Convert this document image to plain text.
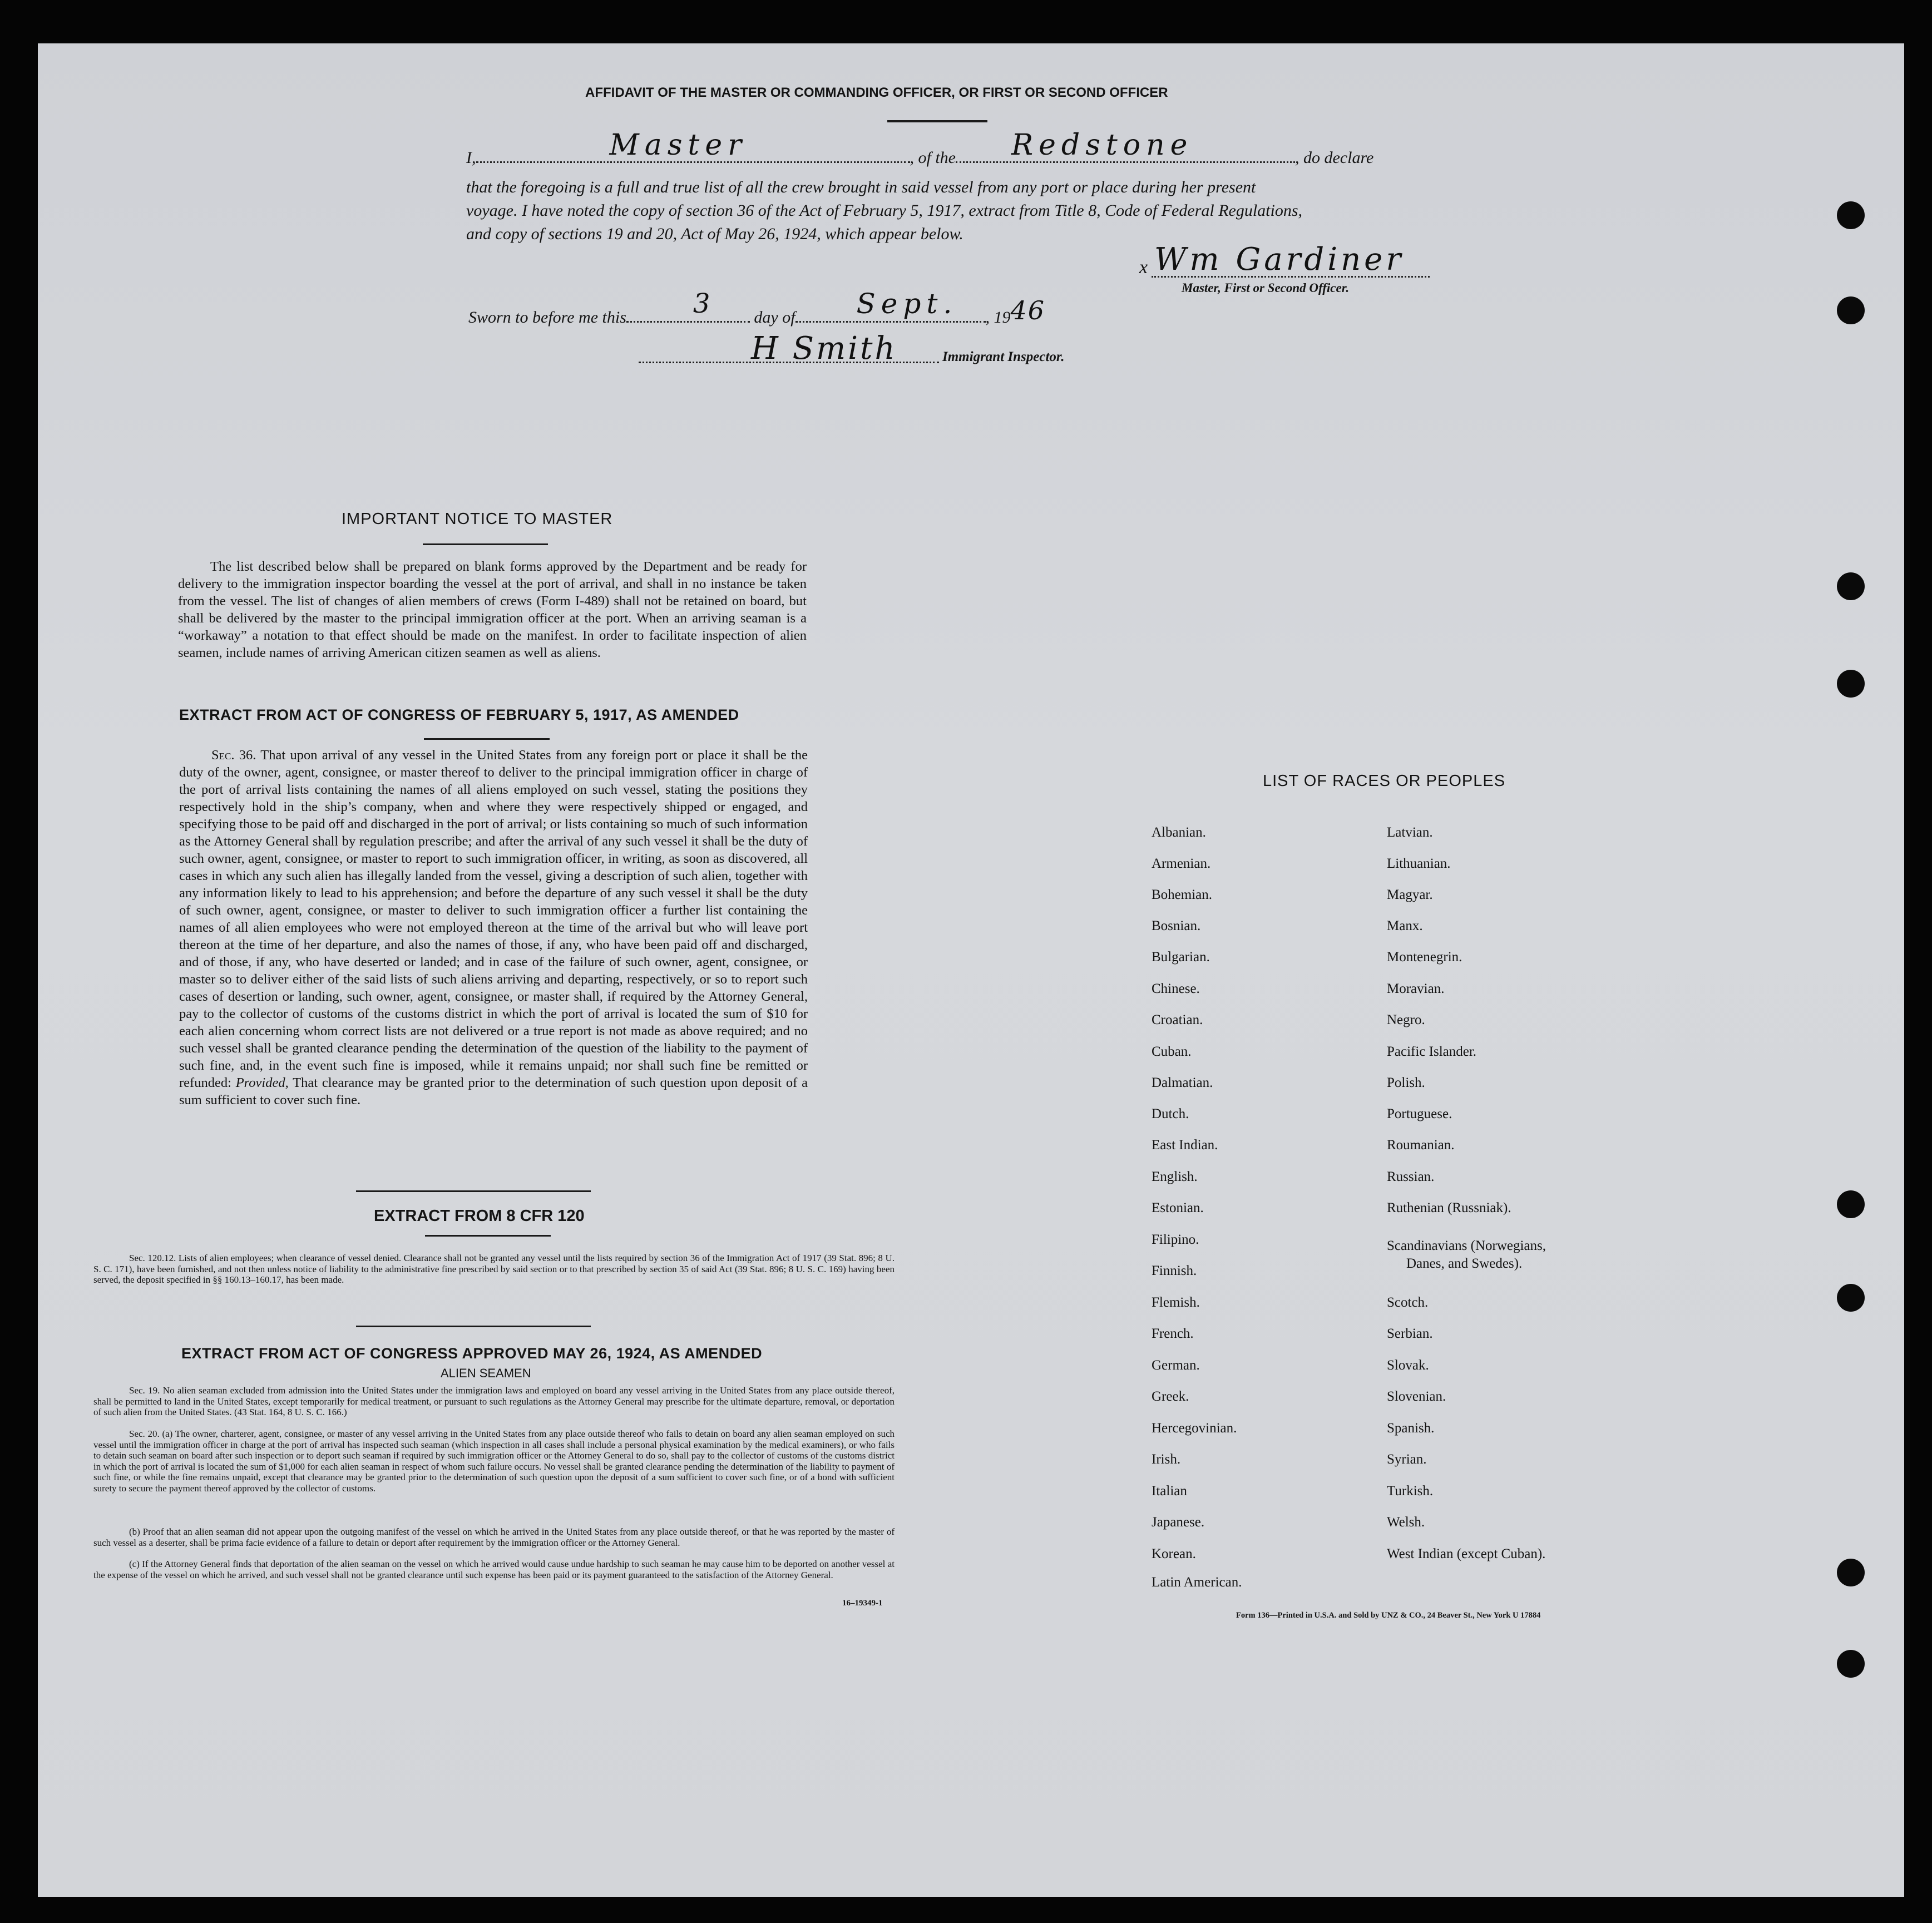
AFFIDAVIT OF THE MASTER OR COMMANDING OFFICER, OR FIRST OR SECOND OFFICER
I,	Master	, of the Redstone	, do declare
that the foregoing is a full and true list of all the crew brought in said vessel from any port or place during her present
voyage. I have noted the copy of section 36 of the Act of February 5, 1917, extract from Title 8, Code of Federal Regulations,
and copy of sections 19 and 20, Act of May 26, 1924, which appear below.
x Wm Gardiner
Master, First or Second Officer.
Sworn to before me this	3 day of Sept. , 1946
H Smith	Immigrant Inspector.
IMPORTANT NOTICE TO MASTER

The list described below shall be prepared on blank forms approved by the Department and be ready for delivery to the immigration inspector boarding the vessel at the port of arrival, and shall in no instance be taken from the vessel. The list of changes of alien members of crews (Form I-489) shall not be retained on board, but shall be delivered by the master to the principal immigration officer at the port. When an arriving seaman is a “workaway” a notation to that effect should be made on the manifest. In order to facilitate inspection of alien seamen, include names of arriving American citizen seamen as well as aliens.

EXTRACT FROM ACT OF CONGRESS OF FEBRUARY 5, 1917, AS AMENDED

Sec. 36. That upon arrival of any vessel in the United States from any foreign port or place it shall be the duty of the owner, agent, consignee, or master thereof to deliver to the principal immigration officer in charge of the port of arrival lists containing the names of all aliens employed on such vessel, stating the positions they respectively hold in the ship’s company, when and where they were respectively shipped or engaged, and specifying those to be paid off and discharged in the port of arrival; or lists containing so much of such information as the Attorney General shall by regulation prescribe; and after the arrival of any such vessel it shall be the duty of such owner, agent, consignee, or master to report to such immigration officer, in writing, as soon as discovered, all cases in which any such alien has illegally landed from the vessel, giving a description of such alien, together with any information likely to lead to his apprehension; and before the departure of any such vessel it shall be the duty of such owner, agent, consignee, or master to deliver to such immigration officer a further list containing the names of all alien employees who were not employed thereon at the time of the arrival but who will leave port thereon at the time of her departure, and also the names of those, if any, who have been paid off and discharged, and of those, if any, who have deserted or landed; and in case of the failure of such owner, agent, consignee, or master so to deliver either of the said lists of such aliens arriving and departing, respectively, or so to report such cases of desertion or landing, such owner, agent, consignee, or master shall, if required by the Attorney General, pay to the collector of customs of the customs district in which the port of arrival is located the sum of $10 for each alien concerning whom correct lists are not delivered or a true report is not made as above required; and no such vessel shall be granted clearance pending the determination of the question of the liability to the payment of such fine, and, in the event such fine is imposed, while it remains unpaid; nor shall such fine be remitted or refunded: Provided, That clearance may be granted prior to the determination of such question upon deposit of a sum sufficient to cover such fine.

EXTRACT FROM 8 CFR 120

Sec. 120.12. Lists of alien employees; when clearance of vessel denied. Clearance shall not be granted any vessel until the lists required by section 36 of the Immigration Act of 1917 (39 Stat. 896; 8 U. S. C. 171), have been furnished, and not then unless notice of liability to the administrative fine prescribed by said section or to that prescribed by section 35 of said Act (39 Stat. 896; 8 U. S. C. 169) having been served, the deposit specified in §§ 160.13–160.17, has been made.

EXTRACT FROM ACT OF CONGRESS APPROVED MAY 26, 1924, AS AMENDED
ALIEN SEAMEN

Sec. 19. No alien seaman excluded from admission into the United States under the immigration laws and employed on board any vessel arriving in the United States from any place outside thereof, shall be permitted to land in the United States, except temporarily for medical treatment, or pursuant to such regulations as the Attorney General may prescribe for the ultimate departure, removal, or deportation of such alien from the United States. (43 Stat. 164, 8 U. S. C. 166.)

Sec. 20. (a) The owner, charterer, agent, consignee, or master of any vessel arriving in the United States from any place outside thereof who fails to detain on board any alien seaman employed on such vessel until the immigration officer in charge at the port of arrival has inspected such seaman (which inspection in all cases shall include a personal physical examination by the medical examiners), or who fails to detain such seaman on board after such inspection or to deport such seaman if required by such immigration officer or the Attorney General to do so, shall pay to the collector of customs of the customs district in which the port of arrival is located the sum of $1,000 for each alien seaman in respect of whom such failure occurs. No vessel shall be granted clearance pending the determination of the liability to payment of such fine, or while the fine remains unpaid, except that clearance may be granted prior to the determination of such question upon the deposit of a sum sufficient to cover such fine, or of a bond with sufficient surety to secure the payment thereof approved by the collector of customs.

(b) Proof that an alien seaman did not appear upon the outgoing manifest of the vessel on which he arrived in the United States from any place outside thereof, or that he was reported by the master of such vessel as a deserter, shall be prima facie evidence of a failure to detain or deport after requirement by the immigration officer or the Attorney General.

(c) If the Attorney General finds that deportation of the alien seaman on the vessel on which he arrived would cause undue hardship to such seaman he may cause him to be deported on another vessel at the expense of the vessel on which he arrived, and such vessel shall not be granted clearance until such expense has been paid or its payment guaranteed to the satisfaction of the Attorney General.

16–19349-1
LIST OF RACES OR PEOPLES
Form 136—Printed in U.S.A. and Sold by UNZ & CO., 24 Beaver St., New York U 17884
Albanian.
Armenian.
Bohemian.
Bosnian.
Bulgarian.
Chinese.
Croatian.
Cuban.
Dalmatian.
Dutch.
East Indian.
English.
Estonian.
Filipino.
Finnish.
Flemish.
French.
German.
Greek.
Hercegovinian.
Irish.
Italian
Japanese.
Korean.
Latin American.
Latvian.
Lithuanian.
Magyar.
Manx.
Montenegrin.
Moravian.
Negro.
Pacific Islander.
Polish.
Portuguese.
Roumanian.
Russian.
Ruthenian (Russniak).
Scandinavians (Norwegians,
Danes, and Swedes).
Scotch.
Serbian.
Slovak.
Slovenian.
Spanish.
Syrian.
Turkish.
Welsh.
West Indian (except Cuban).
